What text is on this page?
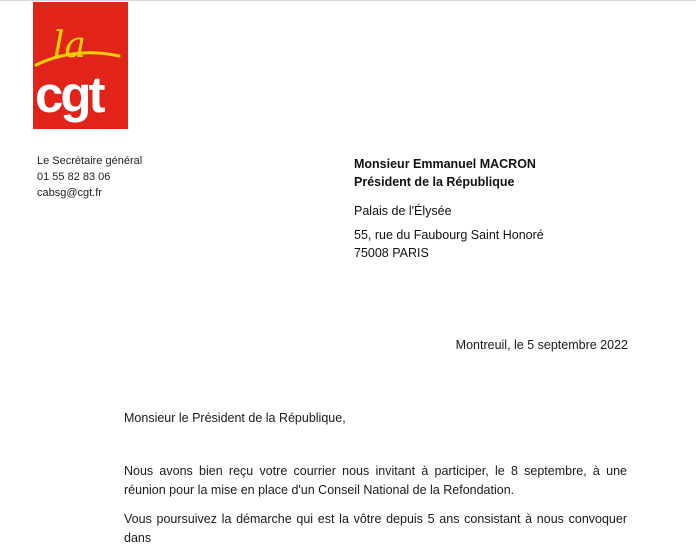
la
cgt
Le Secrétaire général
01 55 82 83 06
cabsg@cgt.fr
Monsieur Emmanuel MACRON
Président de la République
Palais de l'Élysée
55, rue du Faubourg Saint Honoré
75008 PARIS
Montreuil, le 5 septembre 2022
Monsieur le Président de la République,
Nous avons bien reçu votre courrier nous invitant à participer, le 8 septembre, à une réunion pour la mise en place d'un Conseil National de la Refondation.
Vous poursuivez la démarche qui est la vôtre depuis 5 ans consistant à nous convoquer dans
